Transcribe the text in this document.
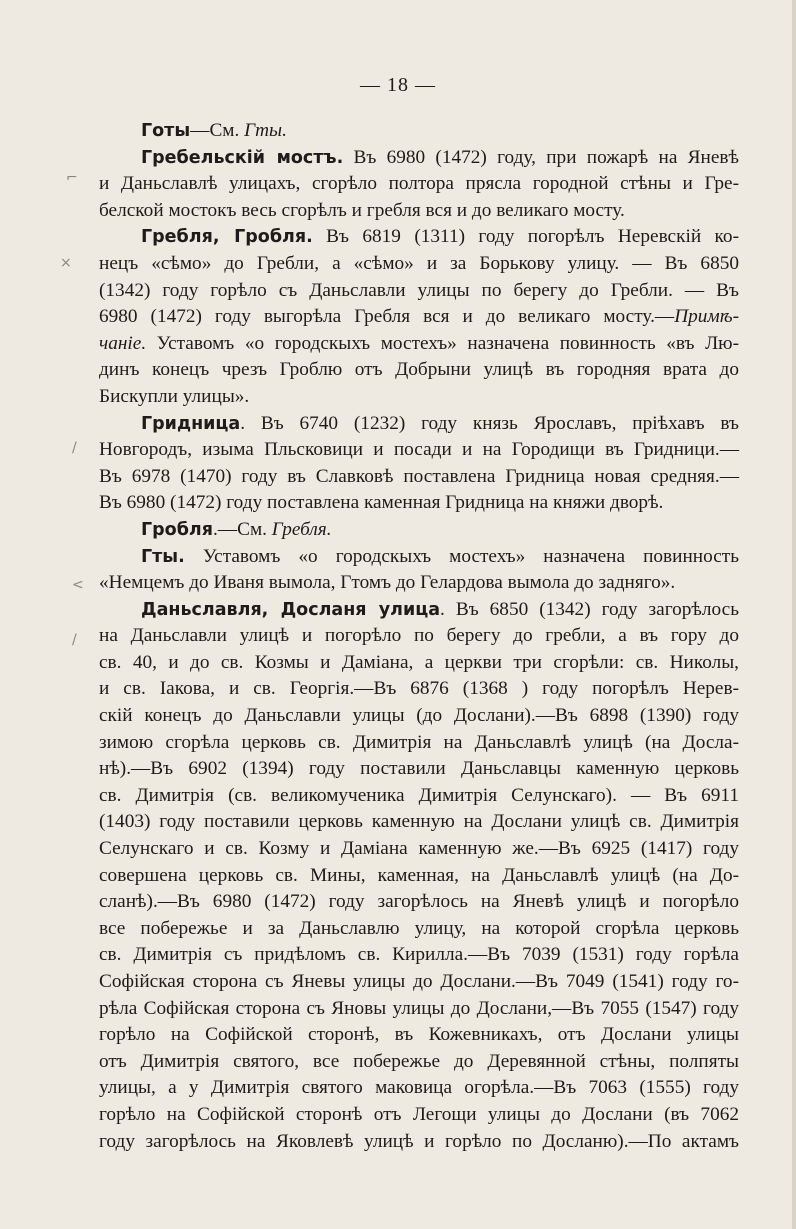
— 18 —
Готы—См. Гты.
Гребельскій мостъ. Въ 6980 (1472) году, при пожарѣ на Яневѣ
и Даньславлѣ улицахъ, сгорѣло полтора прясла городной стѣны и Гре-
белской мостокъ весь сгорѣлъ и гребля вся и до великаго мосту.
Гребля, Гробля. Въ 6819 (1311) году погорѣлъ Неревскій ко-
нецъ «сѣмо» до Гребли, а «сѣмо» и за Борькову улицу. — Въ 6850
(1342) году горѣло съ Даньславли улицы по берегу до Гребли. — Въ
6980 (1472) году выгорѣла Гребля вся и до великаго мосту.—Примѣ-
чаніе. Уставомъ «о городскыхъ мостехъ» назначена повинность «въ Лю-
динъ конецъ чрезъ Гроблю отъ Добрыни улицѣ въ городняя врата до
Бискупли улицы».
Гридница. Въ 6740 (1232) году князь Ярославъ, пріѣхавъ въ
Новгородъ, изыма Пльсковици и посади и на Городищи въ Гридници.—
Въ 6978 (1470) году въ Славковѣ поставлена Гридница новая средняя.—
Въ 6980 (1472) году поставлена каменная Гридница на княжи дворѣ.
Гробля.—См. Гребля.
Гты. Уставомъ «о городскыхъ мостехъ» назначена повинность
«Немцемъ до Иваня вымола, Гтомъ до Гелардова вымола до задняго».
Даньславля, Досланя улица. Въ 6850 (1342) году загорѣлось
на Даньславли улицѣ и погорѣло по берегу до гребли, а въ гору до
св. 40, и до св. Козмы и Даміана, а церкви три сгорѣли: св. Николы,
и св. Іакова, и св. Георгія.—Въ 6876 (1368 ) году погорѣлъ Нерев-
скій конецъ до Даньславли улицы (до Дослани).—Въ 6898 (1390) году
зимою сгорѣла церковь св. Димитрія на Даньславлѣ улицѣ (на Досла-
нѣ).—Въ 6902 (1394) году поставили Даньславцы каменную церковь
св. Димитрія (св. великомученика Димитрія Селунскаго). — Въ 6911
(1403) году поставили церковь каменную на Дослани улицѣ св. Димитрія
Селунскаго и св. Козму и Даміана каменную же.—Въ 6925 (1417) году
совершена церковь св. Мины, каменная, на Даньславлѣ улицѣ (на До-
сланѣ).—Въ 6980 (1472) году загорѣлось на Яневѣ улицѣ и погорѣло
все побережье и за Даньславлю улицу, на которой сгорѣла церковь
св. Димитрія съ придѣломъ св. Кирилла.—Въ 7039 (1531) году горѣла
Софійская сторона съ Яневы улицы до Дослани.—Въ 7049 (1541) году го-
рѣла Софійская сторона съ Яновы улицы до Дослани,—Въ 7055 (1547) году
горѣло на Софійской сторонѣ, въ Кожевникахъ, отъ Дослани улицы
отъ Димитрія святого, все побережье до Деревянной стѣны, полпяты
улицы, а у Димитрія святого маковица огорѣла.—Въ 7063 (1555) году
горѣло на Софійской сторонѣ отъ Легощи улицы до Дослани (въ 7062
году загорѣлось на Яковлевѣ улицѣ и горѣло по Досланю).—По актамъ
⌐
×
/
<
/
